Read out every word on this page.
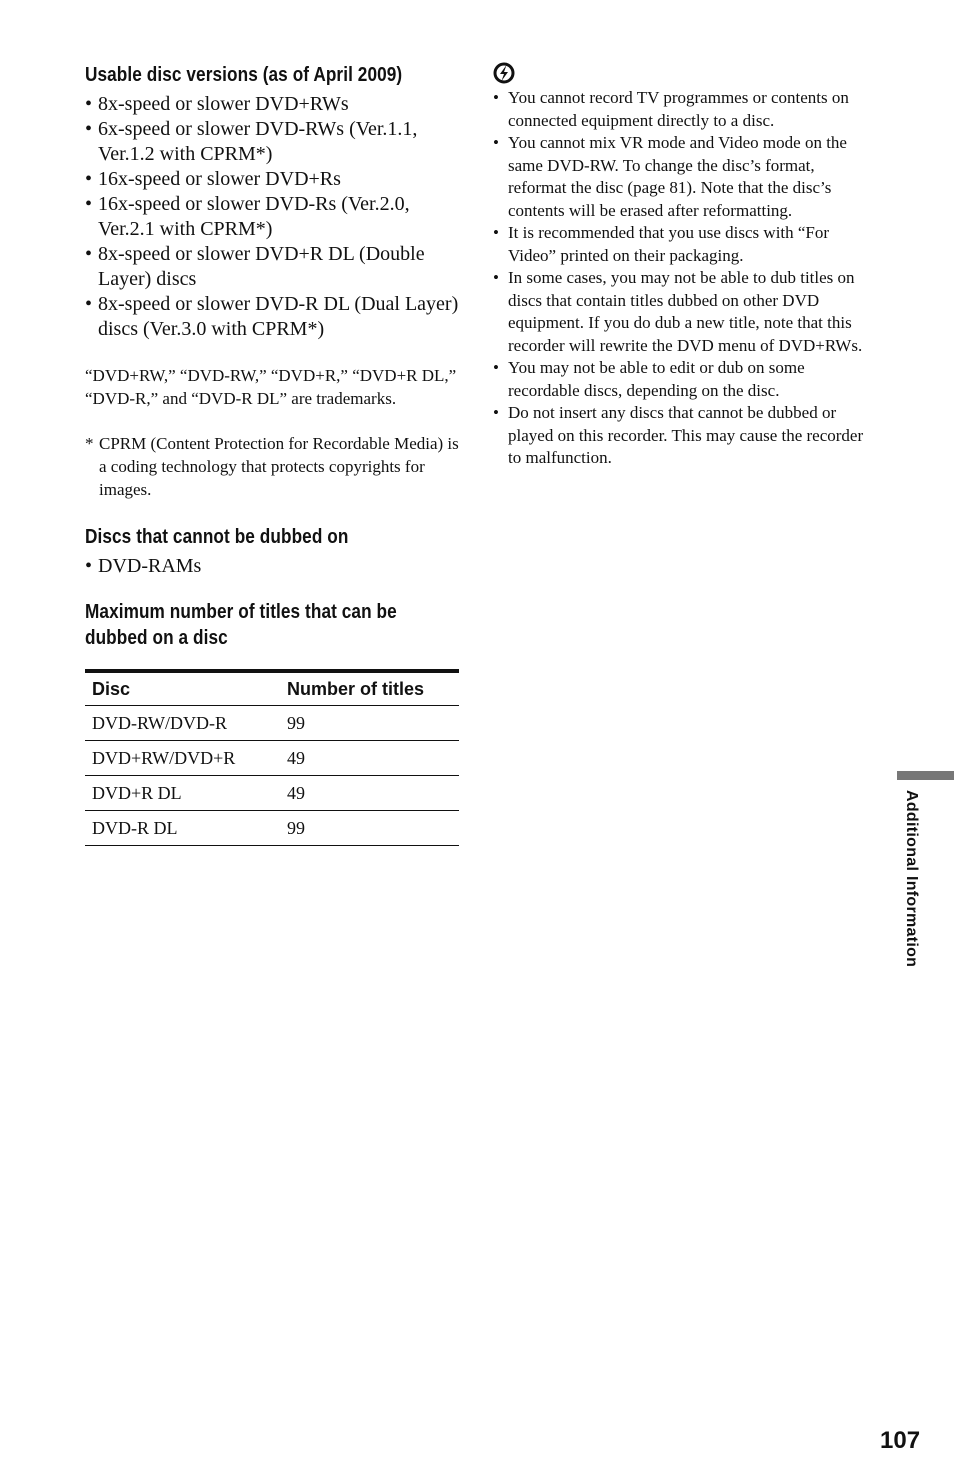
Usable disc versions (as of April 2009)
• 8x-speed or slower DVD+RWs
• 6x-speed or slower DVD-RWs (Ver.1.1, Ver.1.2 with CPRM*)
• 16x-speed or slower DVD+Rs
• 16x-speed or slower DVD-Rs (Ver.2.0, Ver.2.1 with CPRM*)
• 8x-speed or slower DVD+R DL (Double Layer) discs
• 8x-speed or slower DVD-R DL (Dual Layer) discs (Ver.3.0 with CPRM*)

“DVD+RW,” “DVD-RW,” “DVD+R,” “DVD+R DL,” “DVD-R,” and “DVD-R DL” are trademarks.

* CPRM (Content Protection for Recordable Media) is a coding technology that protects copyrights for images.
Discs that cannot be dubbed on
• DVD-RAMs
Maximum number of titles that can be dubbed on a disc
Disc	Number of titles
DVD-RW/DVD-R	99
DVD+RW/DVD+R	49
DVD+R DL	49
DVD-R DL	99
• You cannot record TV programmes or contents on connected equipment directly to a disc.
• You cannot mix VR mode and Video mode on the same DVD-RW. To change the disc’s format, reformat the disc (page 81). Note that the disc’s contents will be erased after reformatting.
• It is recommended that you use discs with “For Video” printed on their packaging.
• In some cases, you may not be able to dub titles on discs that contain titles dubbed on other DVD equipment. If you do dub a new title, note that this recorder will rewrite the DVD menu of DVD+RWs.
• You may not be able to edit or dub on some recordable discs, depending on the disc.
• Do not insert any discs that cannot be dubbed or played on this recorder. This may cause the recorder to malfunction.
Additional Information
107
